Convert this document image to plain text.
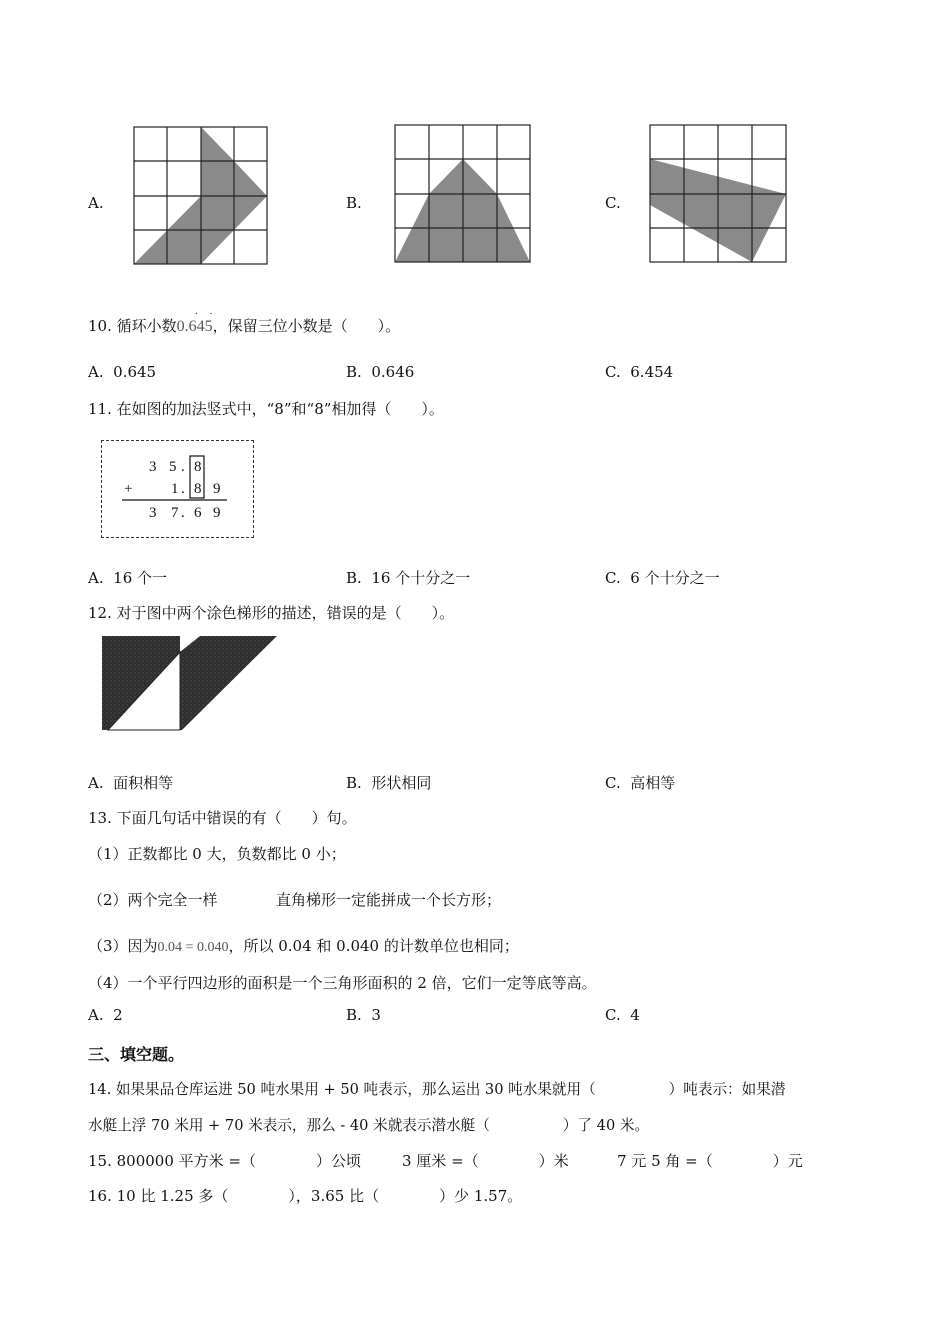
A.	B.	C.
10. 循环小数· · 0.645，保留三位小数是（　　）。
A. 0.645	B. 0.646	C. 6.454
11. 在如图的加法竖式中，“8”和“8”相加得（　　）。
3 5 . 8
+	1 . 8 9
3 7 . 6 9
A. 16 个一	B. 16 个十分之一	C. 6 个十分之一
12. 对于图中两个涂色梯形的描述，错误的是（　　）。
A. 面积相等	B. 形状相同	C. 高相等
13. 下面几句话中错误的有（　　）句。
（1）正数都比 0 大，负数都比 0 小；
（2）两个完全一样	直角梯形一定能拼成一个长方形；
（3）因为0.04 = 0.040，所以 0.04 和 0.040 的计数单位也相同；
（4）一个平行四边形的面积是一个三角形面积的 2 倍，它们一定等底等高。
A. 2	B. 3	C. 4
三、填空题。
14. 如果果品仓库运进 50 吨水果用 + 50 吨表示，那么运出 30 吨水果就用（　　　　　）吨表示：如果潜
水艇上浮 70 米用 + 70 米表示，那么 - 40 米就表示潜水艇（　　　　　）了 40 米。
15. 800000 平方米 =（　　　　）公顷	3 厘米 =（　　　　）米	7 元 5 角 =（　　　　）元
16. 10 比 1.25 多（　　　　），3.65 比（　　　　）少 1.57。
